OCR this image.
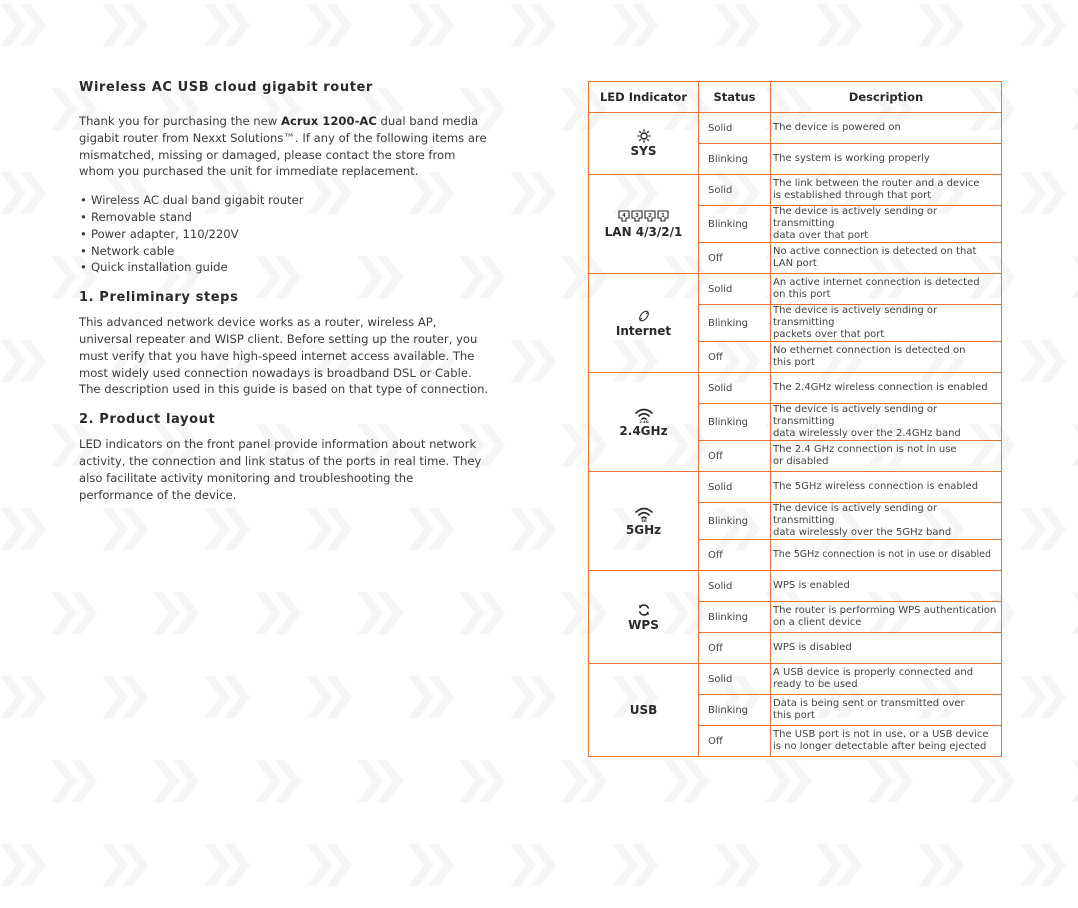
Wireless AC USB cloud gigabit router

Thank you for purchasing the new Acrux 1200-AC dual band media gigabit router from Nexxt Solutions™. If any of the following items are mismatched, missing or damaged, please contact the store from whom you purchased the unit for immediate replacement.

• Wireless AC dual band gigabit router
• Removable stand
• Power adapter, 110/220V
• Network cable
• Quick installation guide
1. Preliminary steps

This advanced network device works as a router, wireless AP, universal repeater and WISP client. Before setting up the router, you must verify that you have high-speed internet access available. The most widely used connection nowadays is broadband DSL or Cable. The description used in this guide is based on that type of connection.

2. Product layout

LED indicators on the front panel provide information about network activity, the connection and link status of the ports in real time. They also facilitate activity monitoring and troubleshooting the performance of the device.

LED Indicator	Status	Description

SYS	Solid	The device is powered on
	Blinking	The system is working properly

4 3 2 1
LAN 4/3/2/1	Solid	The link between the router and a device
is established through that port
	Blinking	The device is actively sending or transmitting
data over that port
	Off	No active connection is detected on that
LAN port

Internet	Solid	An active internet connection is detected
on this port
	Blinking	The device is actively sending or transmitting
packets over that port
	Off	No ethernet connection is detected on
this port

2.4G
2.4GHz	Solid	The 2.4GHz wireless connection is enabled
	Blinking	The device is actively sending or transmitting
data wirelessly over the 2.4GHz band
	Off	The 2.4 GHz connection is not in use
or disabled

5G
5GHz	Solid	The 5GHz wireless connection is enabled
	Blinking	The device is actively sending or transmitting
data wirelessly over the 5GHz band
	Off	The 5GHz connection is not in use or disabled

WPS	Solid	WPS is enabled
	Blinking	The router is performing WPS authentication
on a client device
	Off	WPS is disabled

USB	Solid	A USB device is properly connected and
ready to be used
	Blinking	Data is being sent or transmitted over
this port
	Off	The USB port is not in use, or a USB device
is no longer detectable after being ejected
